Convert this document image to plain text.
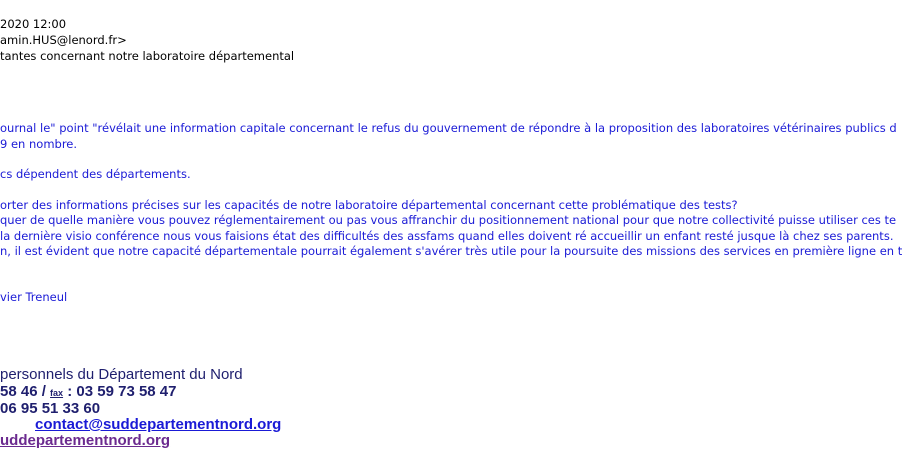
2020 12:00
amin.HUS@lenord.fr>
tantes concernant notre laboratoire départemental
ournal le" point "révélait une information capitale concernant le refus du gouvernement de répondre à la proposition des laboratoires vétérinaires publics d
9 en nombre.
cs dépendent des départements.
orter des informations précises sur les capacités de notre laboratoire départemental concernant cette problématique des tests?
quer de quelle manière vous pouvez réglementairement ou pas vous affranchir du positionnement national pour que notre collectivité puisse utiliser ces te
la dernière visio conférence nous vous faisions état des difficultés des assfams quand elles doivent ré accueillir un enfant resté jusque là chez ses parents.
n, il est évident que notre capacité départementale pourrait également s'avérer très utile pour la poursuite des missions des services en première ligne en t
vier Treneul
personnels du Département du Nord
58 46 / fax : 03 59 73 58 47
06 95 51 33 60
contact@suddepartementnord.org
uddepartementnord.org
